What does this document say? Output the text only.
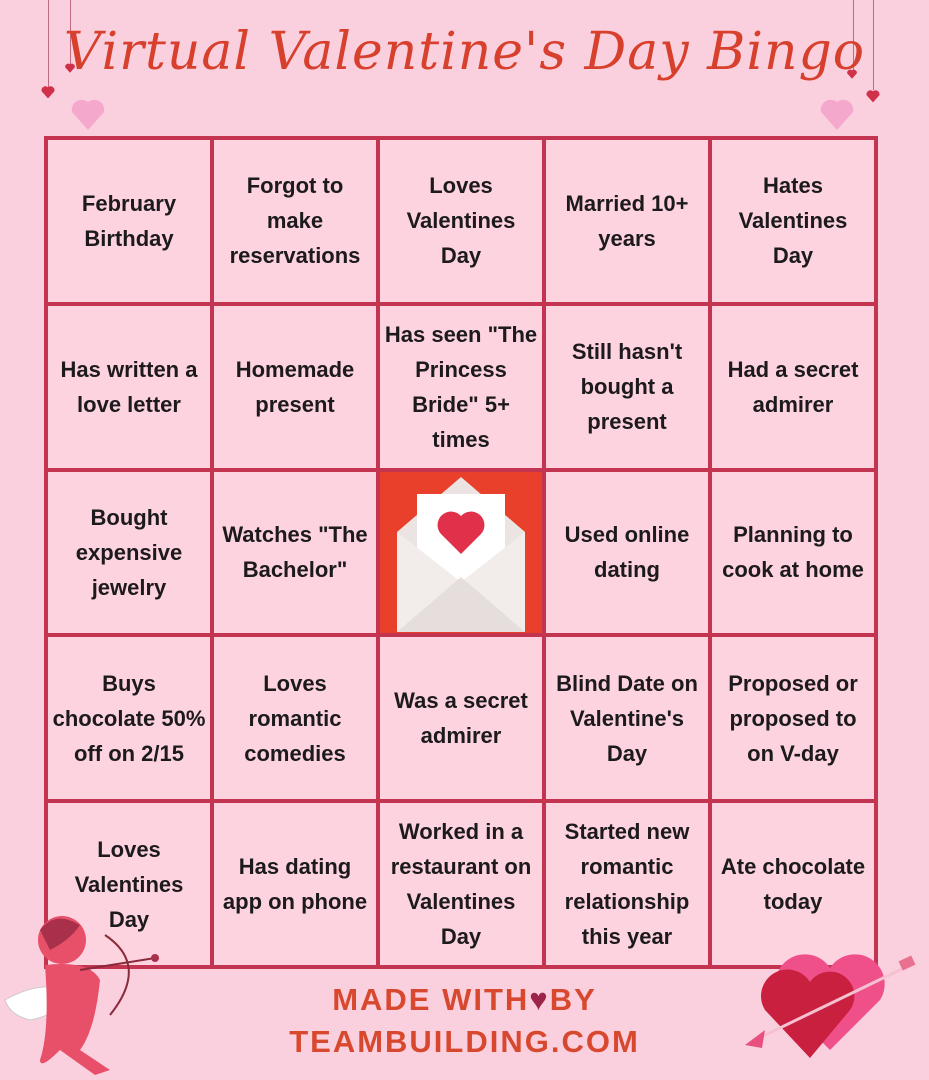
Virtual Valentine's Day Bingo
February Birthday
Forgot to make reservations
Loves Valentines Day
Married 10+ years
Hates Valentines Day
Has written a love letter
Homemade present
Has seen "The Princess Bride" 5+ times
Still hasn't bought a present
Had a secret admirer
Bought expensive jewelry
Watches "The Bachelor"
Used online dating
Planning to cook at home
Buys chocolate 50% off on 2/15
Loves romantic comedies
Was a secret admirer
Blind Date on Valentine's Day
Proposed or proposed to on V-day
Loves Valentines Day
Has dating app on phone
Worked in a restaurant on Valentines Day
Started new romantic relationship this year
Ate chocolate today
MADE WITH♥BY
TEAMBUILDING.COM
